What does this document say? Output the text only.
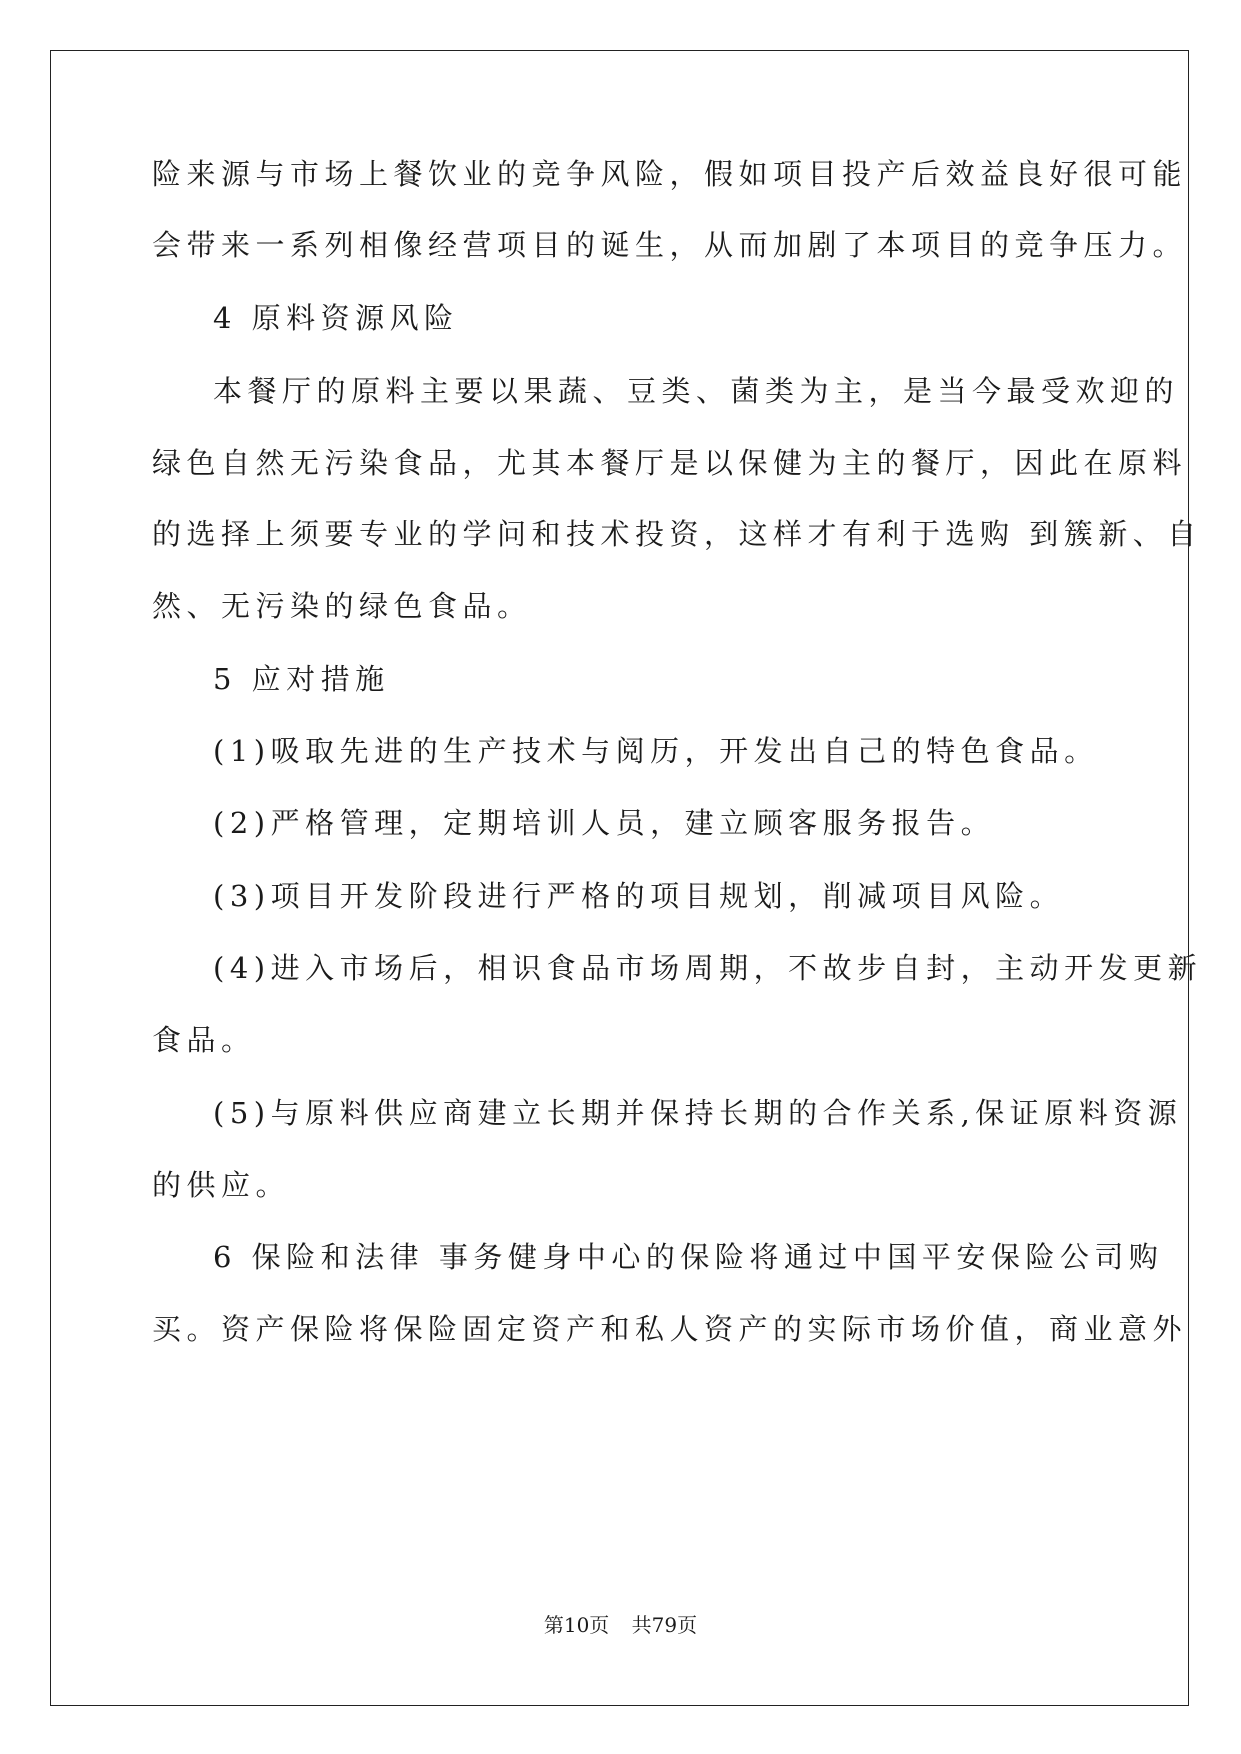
险来源与市场上餐饮业的竞争风险，假如项目投产后效益良好很可能
会带来一系列相像经营项目的诞生，从而加剧了本项目的竞争压力。
4 原料资源风险
本餐厅的原料主要以果蔬、豆类、菌类为主，是当今最受欢迎的
绿色自然无污染食品，尤其本餐厅是以保健为主的餐厅，因此在原料
的选择上须要专业的学问和技术投资，这样才有利于选购 到簇新、自
然、无污染的绿色食品。
5 应对措施
(1)吸取先进的生产技术与阅历，开发出自己的特色食品。
(2)严格管理，定期培训人员，建立顾客服务报告。
(3)项目开发阶段进行严格的项目规划，削减项目风险。
(4)进入市场后，相识食品市场周期，不故步自封，主动开发更新
食品。
(5)与原料供应商建立长期并保持长期的合作关系,保证原料资源
的供应。
6 保险和法律 事务健身中心的保险将通过中国平安保险公司购
买。资产保险将保险固定资产和私人资产的实际市场价值，商业意外
第10页 共79页
